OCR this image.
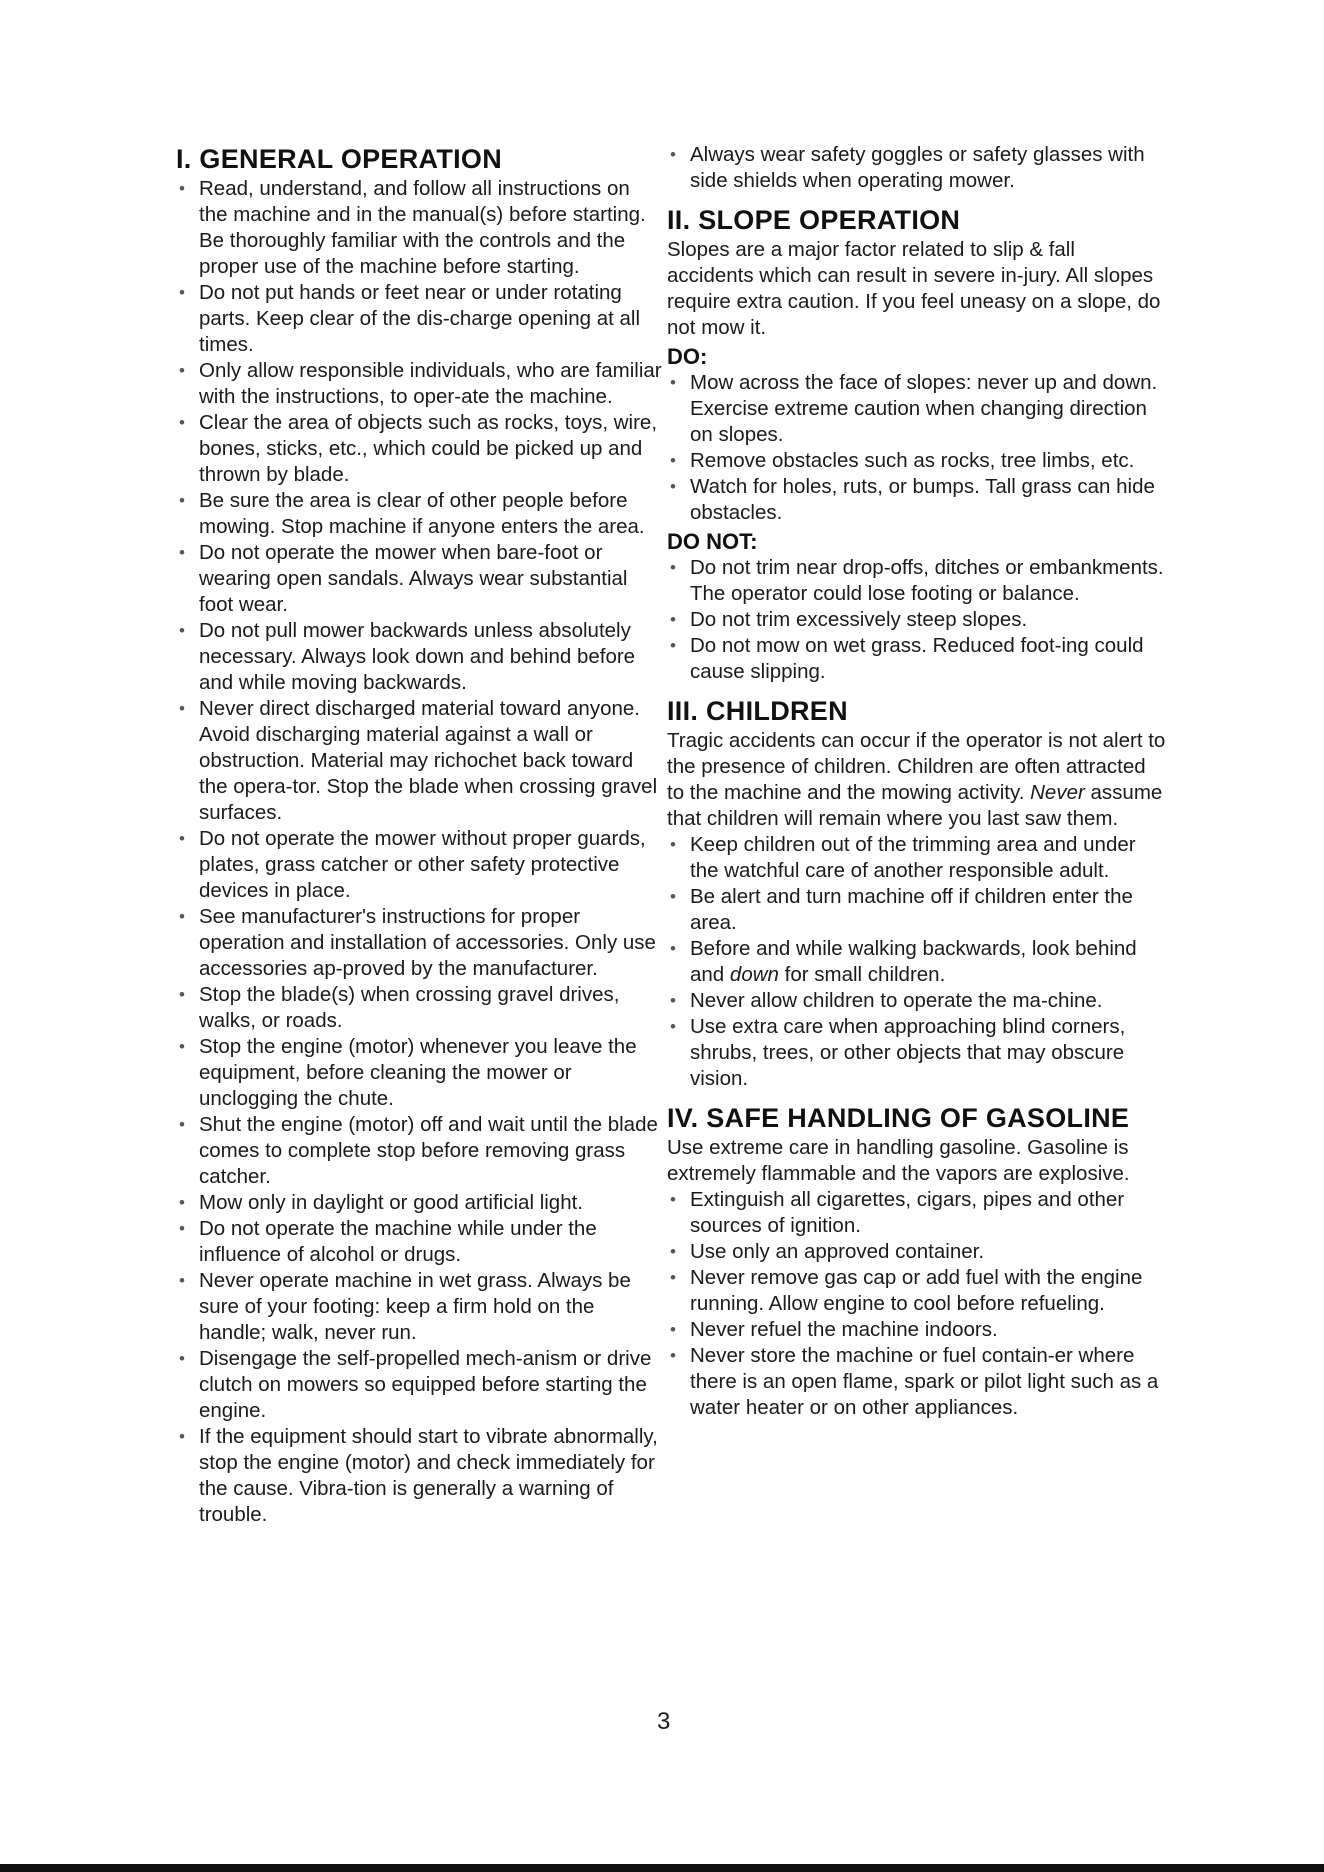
I. GENERAL OPERATION
• Read, understand, and follow all instructions on the machine and in the manual(s) before starting. Be thoroughly familiar with the controls and the proper use of the machine before starting.
• Do not put hands or feet near or under rotating parts. Keep clear of the dis-charge opening at all times.
• Only allow responsible individuals, who are familiar with the instructions, to oper-ate the machine.
• Clear the area of objects such as rocks, toys, wire, bones, sticks, etc., which could be picked up and thrown by blade.
• Be sure the area is clear of other people before mowing. Stop machine if anyone enters the area.
• Do not operate the mower when bare-foot or wearing open sandals. Always wear substantial foot wear.
• Do not pull mower backwards unless absolutely necessary. Always look down and behind before and while moving backwards.
• Never direct discharged material toward anyone. Avoid discharging material against a wall or obstruction. Material may richochet back toward the opera-tor. Stop the blade when crossing gravel surfaces.
• Do not operate the mower without proper guards, plates, grass catcher or other safety protective devices in place.
• See manufacturer's instructions for proper operation and installation of accessories. Only use accessories ap-proved by the manufacturer.
• Stop the blade(s) when crossing gravel drives, walks, or roads.
• Stop the engine (motor) whenever you leave the equipment, before cleaning the mower or unclogging the chute.
• Shut the engine (motor) off and wait until the blade comes to complete stop before removing grass catcher.
• Mow only in daylight or good artificial light.
• Do not operate the machine while under the influence of alcohol or drugs.
• Never operate machine in wet grass. Always be sure of your footing: keep a firm hold on the handle; walk, never run.
• Disengage the self-propelled mech-anism or drive clutch on mowers so equipped before starting the engine.
• If the equipment should start to vibrate abnormally, stop the engine (motor) and check immediately for the cause. Vibra-tion is generally a warning of trouble.
• Always wear safety goggles or safety glasses with side shields when operating mower.
II. SLOPE OPERATION

Slopes are a major factor related to slip & fall accidents which can result in severe in-jury. All slopes require extra caution. If you feel uneasy on a slope, do not mow it.

DO:
• Mow across the face of slopes: never up and down. Exercise extreme caution when changing direction on slopes.
• Remove obstacles such as rocks, tree limbs, etc.
• Watch for holes, ruts, or bumps. Tall grass can hide obstacles.
DO NOT:
• Do not trim near drop-offs, ditches or embankments. The operator could lose footing or balance.
• Do not trim excessively steep slopes.
• Do not mow on wet grass. Reduced foot-ing could cause slipping.
III. CHILDREN

Tragic accidents can occur if the operator is not alert to the presence of children. Children are often attracted to the machine and the mowing activity. Never assume that children will remain where you last saw them.

• Keep children out of the trimming area and under the watchful care of another responsible adult.
• Be alert and turn machine off if children enter the area.
• Before and while walking backwards, look behind and down for small children.
• Never allow children to operate the ma-chine.
• Use extra care when approaching blind corners, shrubs, trees, or other objects that may obscure vision.
IV. SAFE HANDLING OF GASOLINE

Use extreme care in handling gasoline. Gasoline is extremely flammable and the vapors are explosive.

• Extinguish all cigarettes, cigars, pipes and other sources of ignition.
• Use only an approved container.
• Never remove gas cap or add fuel with the engine running. Allow engine to cool before refueling.
• Never refuel the machine indoors.
• Never store the machine or fuel contain-er where there is an open flame, spark or pilot light such as a water heater or on other appliances.
3
